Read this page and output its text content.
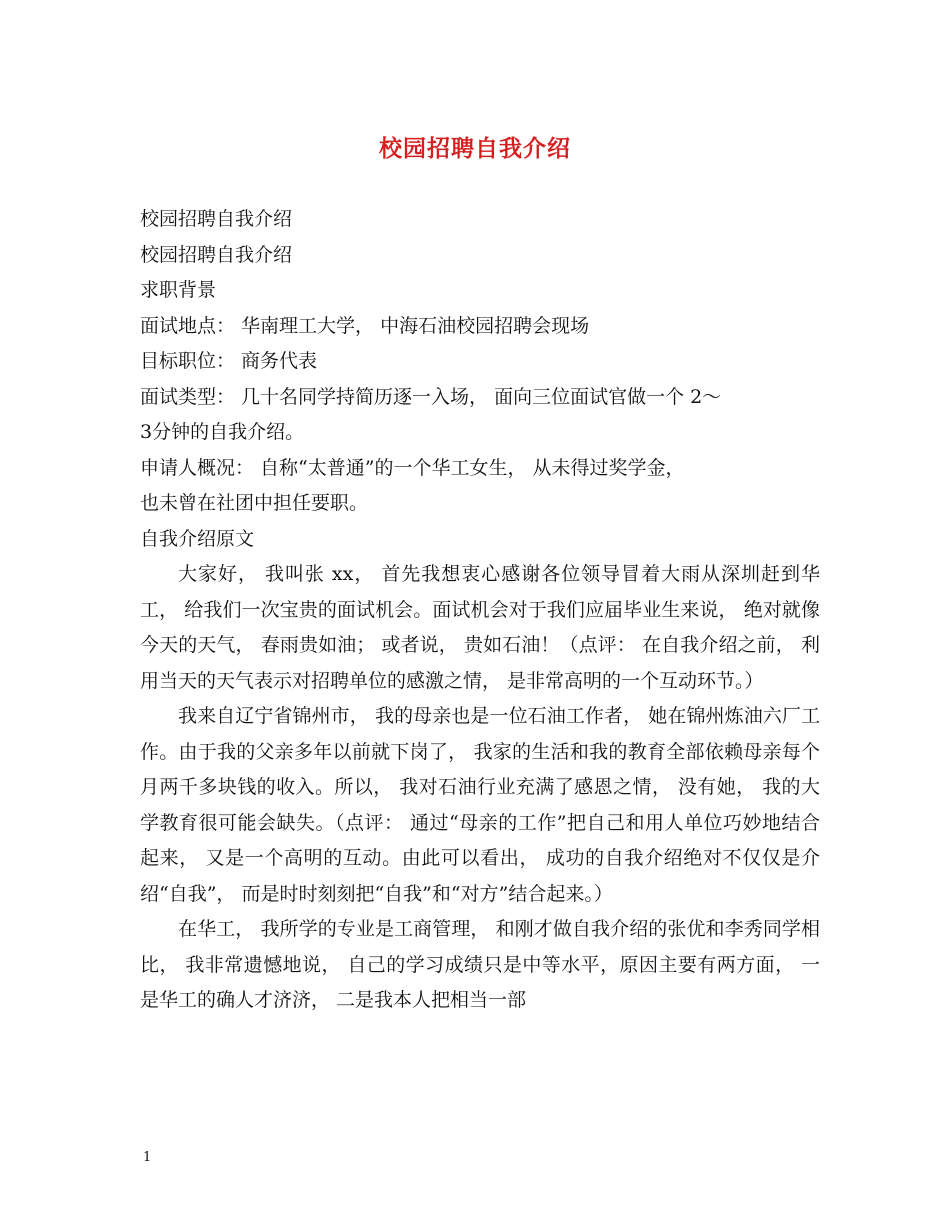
校园招聘自我介绍
校园招聘自我介绍
校园招聘自我介绍
求职背景
面试地点： 华南理工大学， 中海石油校园招聘会现场
目标职位： 商务代表
面试类型： 几十名同学持简历逐一入场， 面向三位面试官做一个 2～
3分钟的自我介绍。
申请人概况： 自称“太普通”的一个华工女生， 从未得过奖学金，
也未曾在社团中担任要职。
自我介绍原文

大家好， 我叫张 xx， 首先我想衷心感谢各位领导冒着大雨从深圳赶到华工， 给我们一次宝贵的面试机会。面试机会对于我们应届毕业生来说， 绝对就像今天的天气， 春雨贵如油； 或者说， 贵如石油！（点评： 在自我介绍之前， 利用当天的天气表示对招聘单位的感激之情， 是非常高明的一个互动环节。）

我来自辽宁省锦州市， 我的母亲也是一位石油工作者， 她在锦州炼油六厂工作。由于我的父亲多年以前就下岗了， 我家的生活和我的教育全部依赖母亲每个月两千多块钱的收入。所以， 我对石油行业充满了感恩之情， 没有她， 我的大学教育很可能会缺失。（点评： 通过“母亲的工作”把自己和用人单位巧妙地结合起来， 又是一个高明的互动。由此可以看出， 成功的自我介绍绝对不仅仅是介绍“自我”， 而是时时刻刻把“自我”和“对方”结合起来。）

在华工， 我所学的专业是工商管理， 和刚才做自我介绍的张优和李秀同学相比， 我非常遗憾地说， 自己的学习成绩只是中等水平，原因主要有两方面， 一是华工的确人才济济， 二是我本人把相当一部

1
